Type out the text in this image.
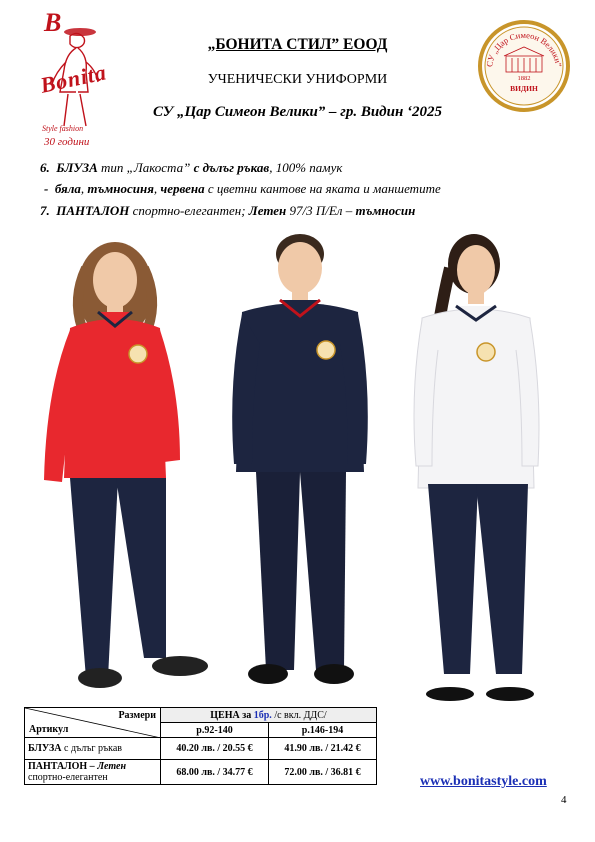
B
Bonita
Style fashion
30 години
СУ „Цар Симеон Велики”
1882
ВИДИН
„БОНИТА СТИЛ” ЕООД
УЧЕНИЧЕСКИ УНИФОРМИ
СУ „Цар Симеон Велики” – гр. Видин ‘2025
6. БЛУЗА тип „Лакоста” с дълъг ръкав, 100% памук
-  бяла, тъмносиня, червена с цветни кантове на яката и маншетите
7. ПАНТАЛОН спортно-елегантен; Летен 97/3 П/Ел – тъмносин
Размери
Артикул	ЦЕНА за 1бр. /с вкл. ДДС/	
	р.92-140	р.146-194
БЛУЗА с дълъг ръкав	40.20 лв. / 20.55 €	41.90 лв. / 21.42 €
ПАНТАЛОН – Летен
спортно-елегантен	68.00 лв. / 34.77 €	72.00 лв. / 36.81 €
www.bonitastyle.com
4
